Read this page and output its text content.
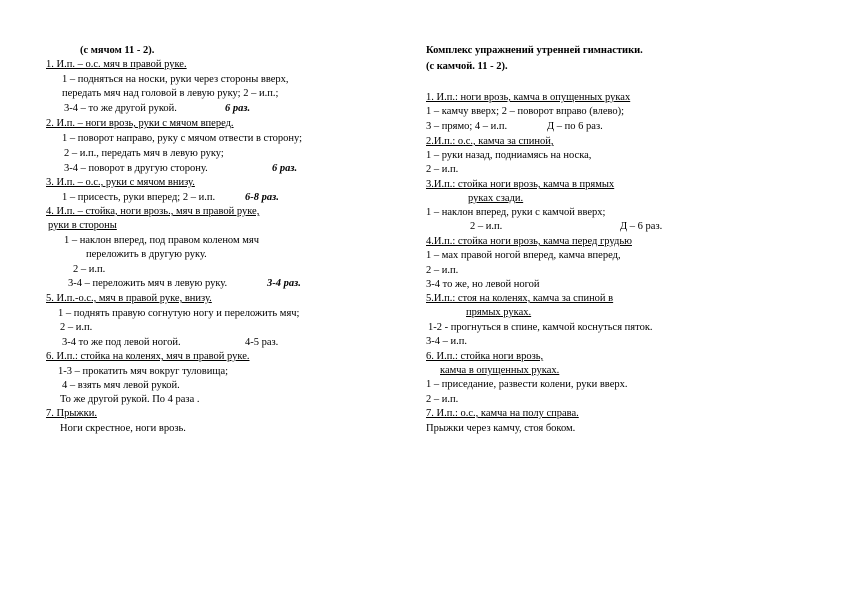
(с мячом 11 - 2).
1. И.п. – о.с. мяч в правой руке.
1 – подняться на носки, руки через стороны вверх,
передать мяч над головой в левую руку; 2 – и.п.;
3-4 – то же другой рукой.	6 раз.
2. И.п. – ноги врозь, руки с мячом вперед.
1 – поворот направо, руку с мячом отвести в сторону;
2 – и.п., передать мяч в левую руку;
3-4 – поворот в другую сторону.	6 раз.
3. И.п. – о.с., руки с мячом внизу.
1 – присесть, руки вперед; 2 – и.п.	6-8 раз.
4. И.п. – стойка, ноги врозь., мяч в правой руке,
руки в стороны
1 – наклон вперед, под правом коленом мяч
переложить в другую руку.
2 – и.п.
3-4 – переложить мяч в левую руку.	3-4 раз.
5. И.п.-о.с., мяч в правой руке, внизу.
1 – поднять правую согнутую ногу и переложить мяч;
2 – и.п.
3-4 то же под левой ногой.	4-5 раз.
6. И.п.: стойка на коленях, мяч в правой руке.
1-3 – прокатить мяч вокруг туловища;
4 – взять мяч левой рукой.
То же другой рукой. По 4 раза .
7. Прыжки.
Ноги скрестное, ноги врозь.
Комплекс упражнений утренней гимнастики.
(с камчой. 11 - 2).
1. И.п.: ноги врозь, камча в опущенных руках
1 – камчу вверх; 2 – поворот вправо (влево);
3 – прямо; 4 – и.п.	Д – по 6 раз.
2.И.п.: о.с., камча за спиной,
1 – руки назад, подниамясь на носка,
2 – и.п.
3.И.п.: стойка ноги врозь, камча в прямых
руках сзади.
1 – наклон вперед, руки с камчой вверх;
2 – и.п.	Д – 6 раз.
4.И.п.: стойка ноги врозь, камча перед грудью
1 – мах правой ногой вперед, камча вперед,
2 – и.п.
3-4 то же, но левой ногой
5.И.п.: стоя на коленях, камча за спиной в
прямых руках.
1-2 - прогнуться в спине, камчой коснуться пяток.
3-4 – и.п.
6. И.п.: стойка ноги врозь,
камча в опущенных руках.
1 – приседание, развести колени, руки вверх.
2 – и.п.
7. И.п.: о.с., камча на полу справа.
Прыжки через камчу, стоя боком.
